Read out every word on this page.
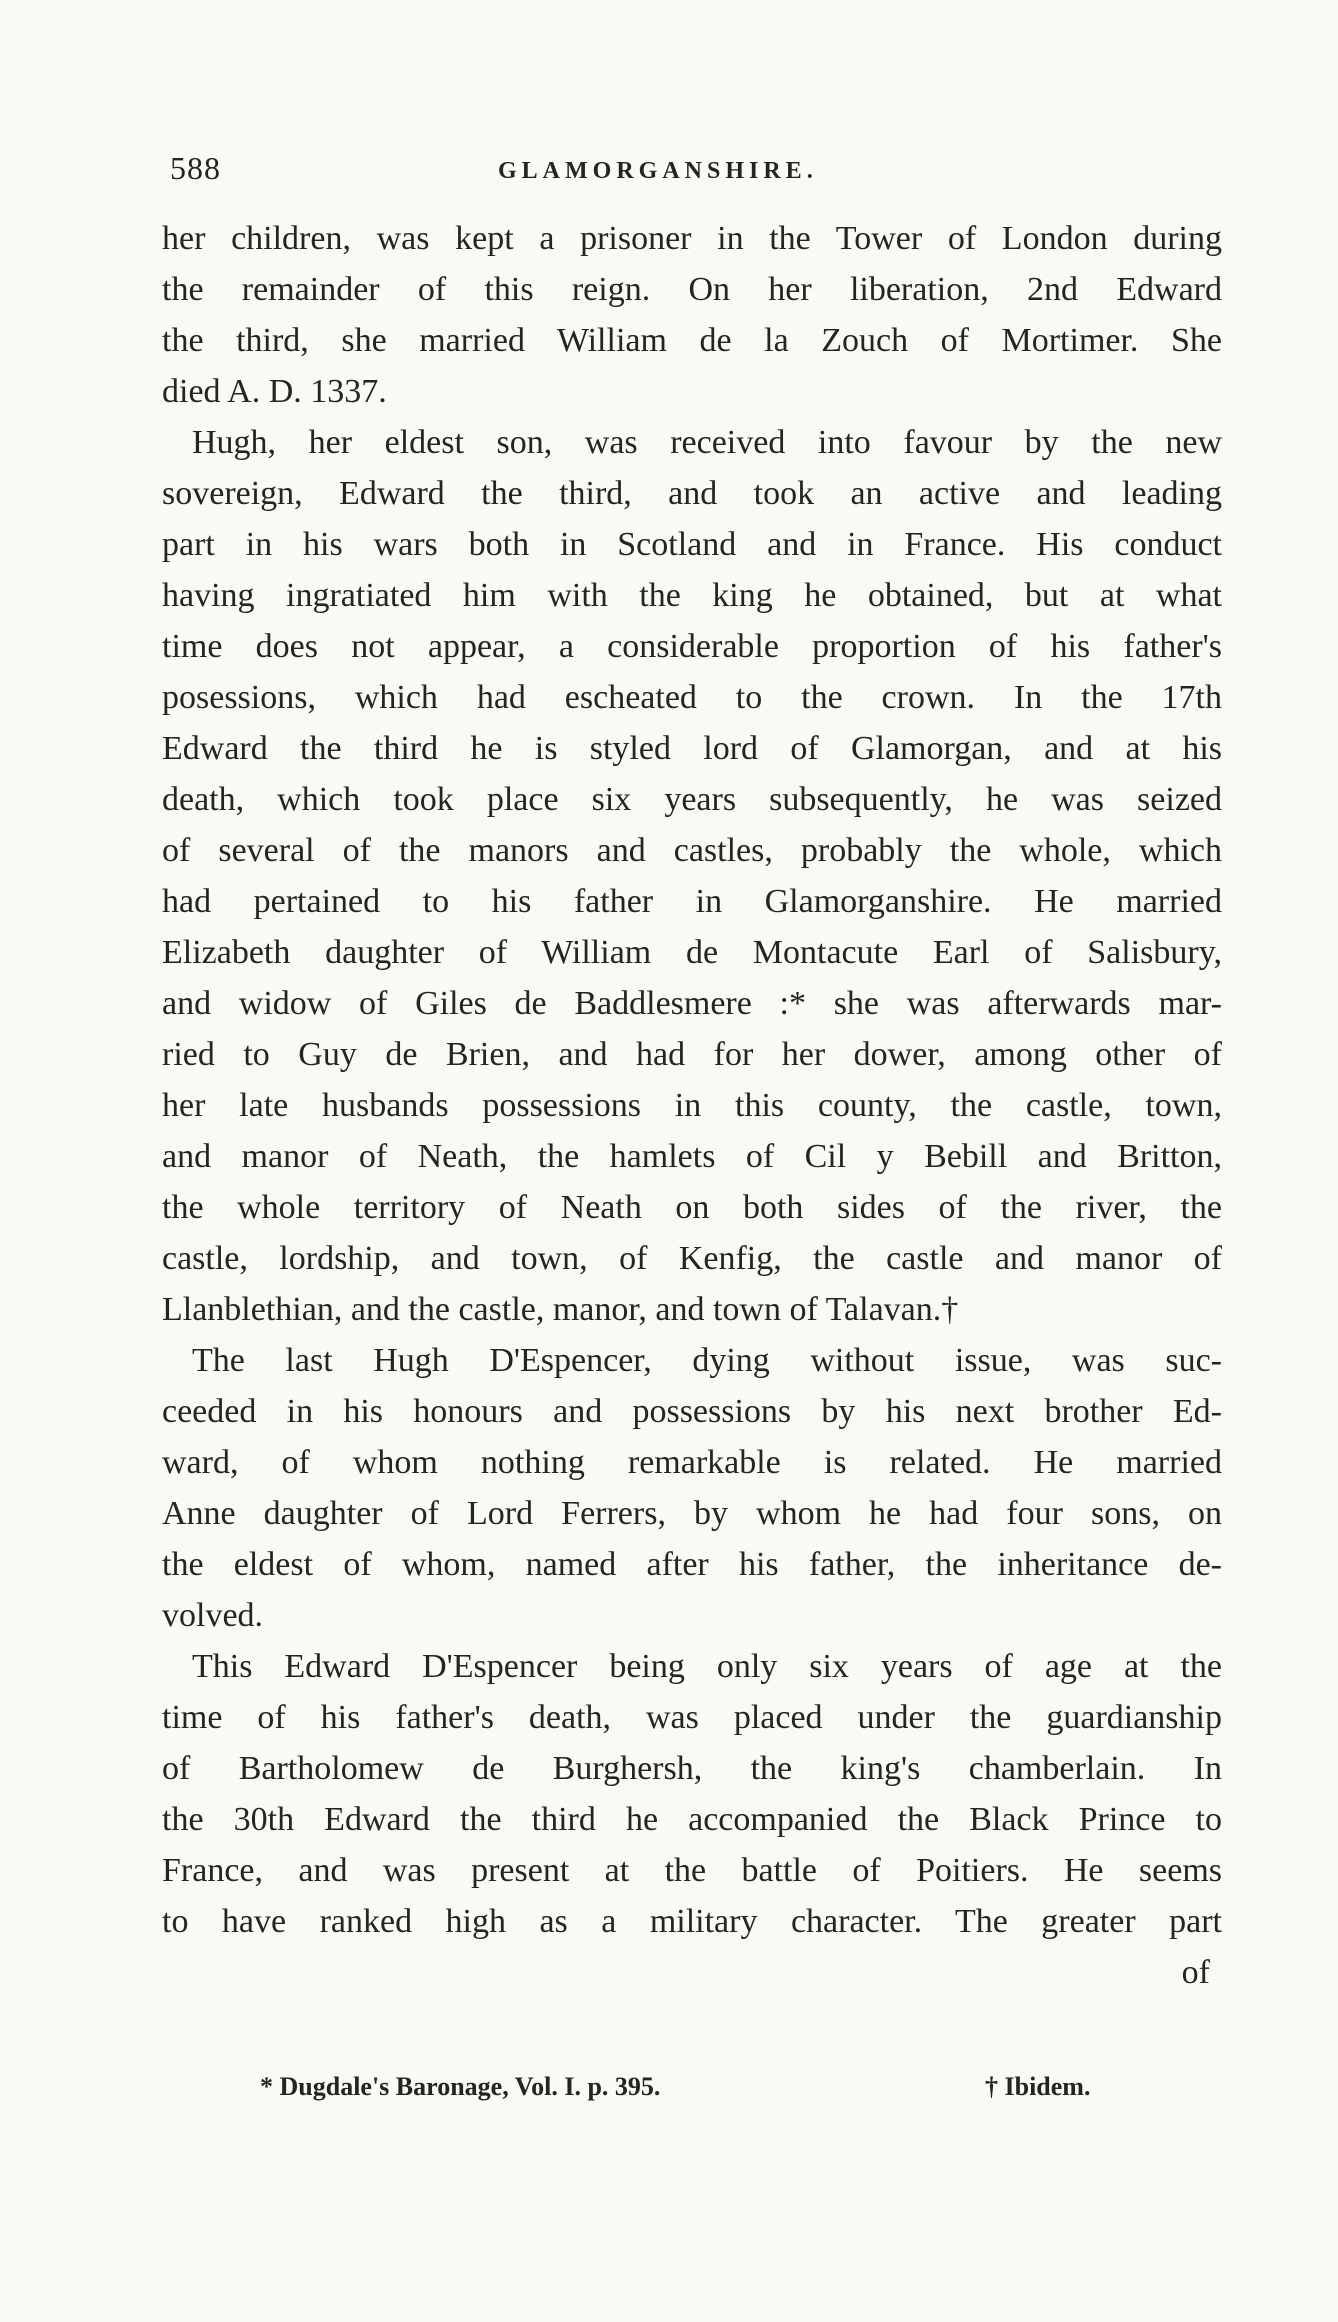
588	GLAMORGANSHIRE.
her children, was kept a prisoner in the Tower of London during
the remainder of this reign. On her liberation, 2nd Edward
the third, she married William de la Zouch of Mortimer. She
died A. D. 1337.
Hugh, her eldest son, was received into favour by the new
sovereign, Edward the third, and took an active and leading
part in his wars both in Scotland and in France. His conduct
having ingratiated him with the king he obtained, but at what
time does not appear, a considerable proportion of his father's
posessions, which had escheated to the crown. In the 17th
Edward the third he is styled lord of Glamorgan, and at his
death, which took place six years subsequently, he was seized
of several of the manors and castles, probably the whole, which
had pertained to his father in Glamorganshire. He married
Elizabeth daughter of William de Montacute Earl of Salisbury,
and widow of Giles de Baddlesmere :* she was afterwards mar-
ried to Guy de Brien, and had for her dower, among other of
her late husbands possessions in this county, the castle, town,
and manor of Neath, the hamlets of Cil y Bebill and Britton,
the whole territory of Neath on both sides of the river, the
castle, lordship, and town, of Kenfig, the castle and manor of
Llanblethian, and the castle, manor, and town of Talavan.†
The last Hugh D'Espencer, dying without issue, was suc-
ceeded in his honours and possessions by his next brother Ed-
ward, of whom nothing remarkable is related. He married
Anne daughter of Lord Ferrers, by whom he had four sons, on
the eldest of whom, named after his father, the inheritance de-
volved.
This Edward D'Espencer being only six years of age at the
time of his father's death, was placed under the guardianship
of Bartholomew de Burghersh, the king's chamberlain. In
the 30th Edward the third he accompanied the Black Prince to
France, and was present at the battle of Poitiers. He seems
to have ranked high as a military character. The greater part
of
* Dugdale's Baronage, Vol. I. p. 395.	† Ibidem.
